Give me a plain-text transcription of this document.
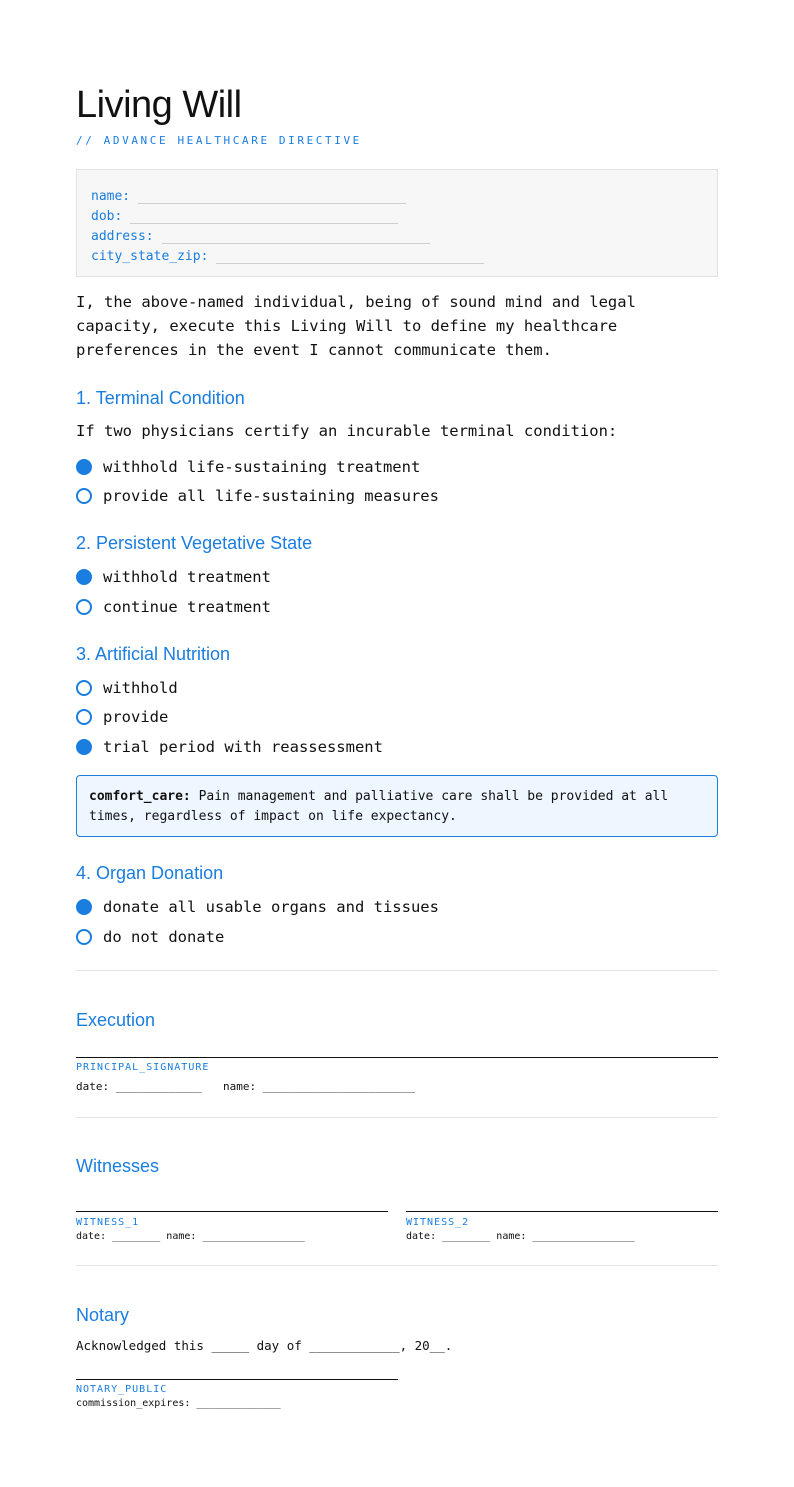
Living Will
// ADVANCE HEALTHCARE DIRECTIVE
name:
dob:
address:
city_state_zip:
I, the above-named individual, being of sound mind and legal capacity, execute this Living Will to define my healthcare preferences in the event I cannot communicate them.
1. Terminal Condition
If two physicians certify an incurable terminal condition:
withhold life-sustaining treatment
provide all life-sustaining measures
2. Persistent Vegetative State
withhold treatment
continue treatment
3. Artificial Nutrition
withhold
provide
trial period with reassessment
comfort_care: Pain management and palliative care shall be provided at all times, regardless of impact on life expectancy.
4. Organ Donation
donate all usable organs and tissues
do not donate
Execution
PRINCIPAL_SIGNATURE
date: _____________ name: _______________________
Witnesses
WITNESS_1
date: ________ name: _________________
WITNESS_2
date: ________ name: _________________
Notary
Acknowledged this _____ day of ____________, 20__.
NOTARY_PUBLIC
commission_expires: ______________
